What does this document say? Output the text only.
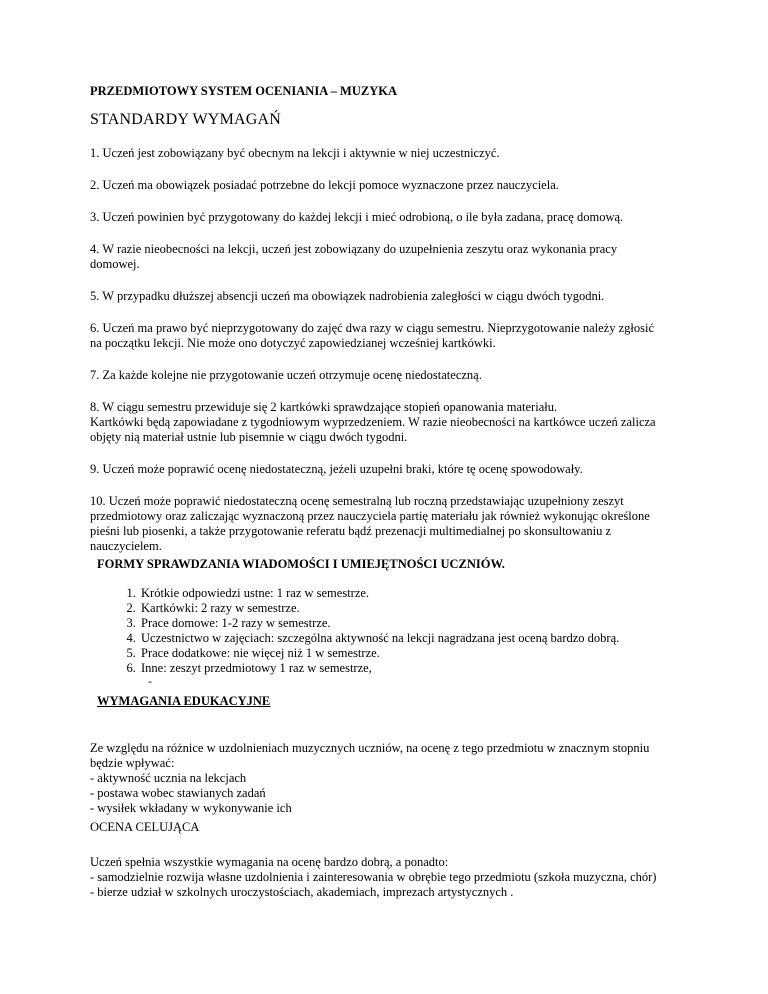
PRZEDMIOTOWY SYSTEM OCENIANIA – MUZYKA
STANDARDY WYMAGAŃ
1. Uczeń jest zobowiązany być obecnym na lekcji i aktywnie w niej uczestniczyć.
2. Uczeń ma obowiązek posiadać potrzebne do lekcji pomoce wyznaczone przez nauczyciela.
3. Uczeń powinien być przygotowany do każdej lekcji i mieć odrobioną, o ile była zadana, pracę domową.
4. W razie nieobecności na lekcji, uczeń jest zobowiązany do uzupełnienia zeszytu oraz wykonania pracy
domowej.
5. W przypadku dłuższej absencji uczeń ma obowiązek nadrobienia zaległości w ciągu dwóch tygodni.
6. Uczeń ma prawo być nieprzygotowany do zajęć dwa razy w ciągu semestru. Nieprzygotowanie należy zgłosić
na początku lekcji. Nie może ono dotyczyć zapowiedzianej wcześniej kartkówki.
7. Za każde kolejne nie przygotowanie uczeń otrzymuje ocenę niedostateczną.
8. W ciągu semestru przewiduje się 2 kartkówki sprawdzające stopień opanowania materiału.
Kartkówki będą zapowiadane z tygodniowym wyprzedzeniem. W razie nieobecności na kartkówce uczeń zalicza
objęty nią materiał ustnie lub pisemnie w ciągu dwóch tygodni.
9. Uczeń może poprawić ocenę niedostateczną, jeżeli uzupełni braki, które tę ocenę spowodowały.
10. Uczeń może poprawić niedostateczną ocenę semestralną lub roczną przedstawiając uzupełniony zeszyt
przedmiotowy oraz zaliczając wyznaczoną przez nauczyciela partię materiału jak również wykonując określone
pieśni lub piosenki, a także przygotowanie referatu bądź prezenacji multimedialnej po skonsultowaniu z
nauczycielem.
FORMY SPRAWDZANIA WIADOMOŚCI I UMIEJĘTNOŚCI UCZNIÓW.
1. Krótkie odpowiedzi ustne: 1 raz w semestrze.
2. Kartkówki: 2 razy w semestrze.
3. Prace domowe: 1-2 razy w semestrze.
4. Uczestnictwo w zajęciach: szczególna aktywność na lekcji nagradzana jest oceną bardzo dobrą.
5. Prace dodatkowe: nie więcej niż 1 w semestrze.
6. Inne: zeszyt przedmiotowy 1 raz w semestrze,
-
WYMAGANIA EDUKACYJNE
Ze względu na różnice w uzdolnieniach muzycznych uczniów, na ocenę z tego przedmiotu w znacznym stopniu
będzie wpływać:
- aktywność ucznia na lekcjach
- postawa wobec stawianych zadań
- wysiłek wkładany w wykonywanie ich
OCENA CELUJĄCA
Uczeń spełnia wszystkie wymagania na ocenę bardzo dobrą, a ponadto:
- samodzielnie rozwija własne uzdolnienia i zainteresowania w obrębie tego przedmiotu (szkoła muzyczna, chór)
- bierze udział w szkolnych uroczystościach, akademiach, imprezach artystycznych .
